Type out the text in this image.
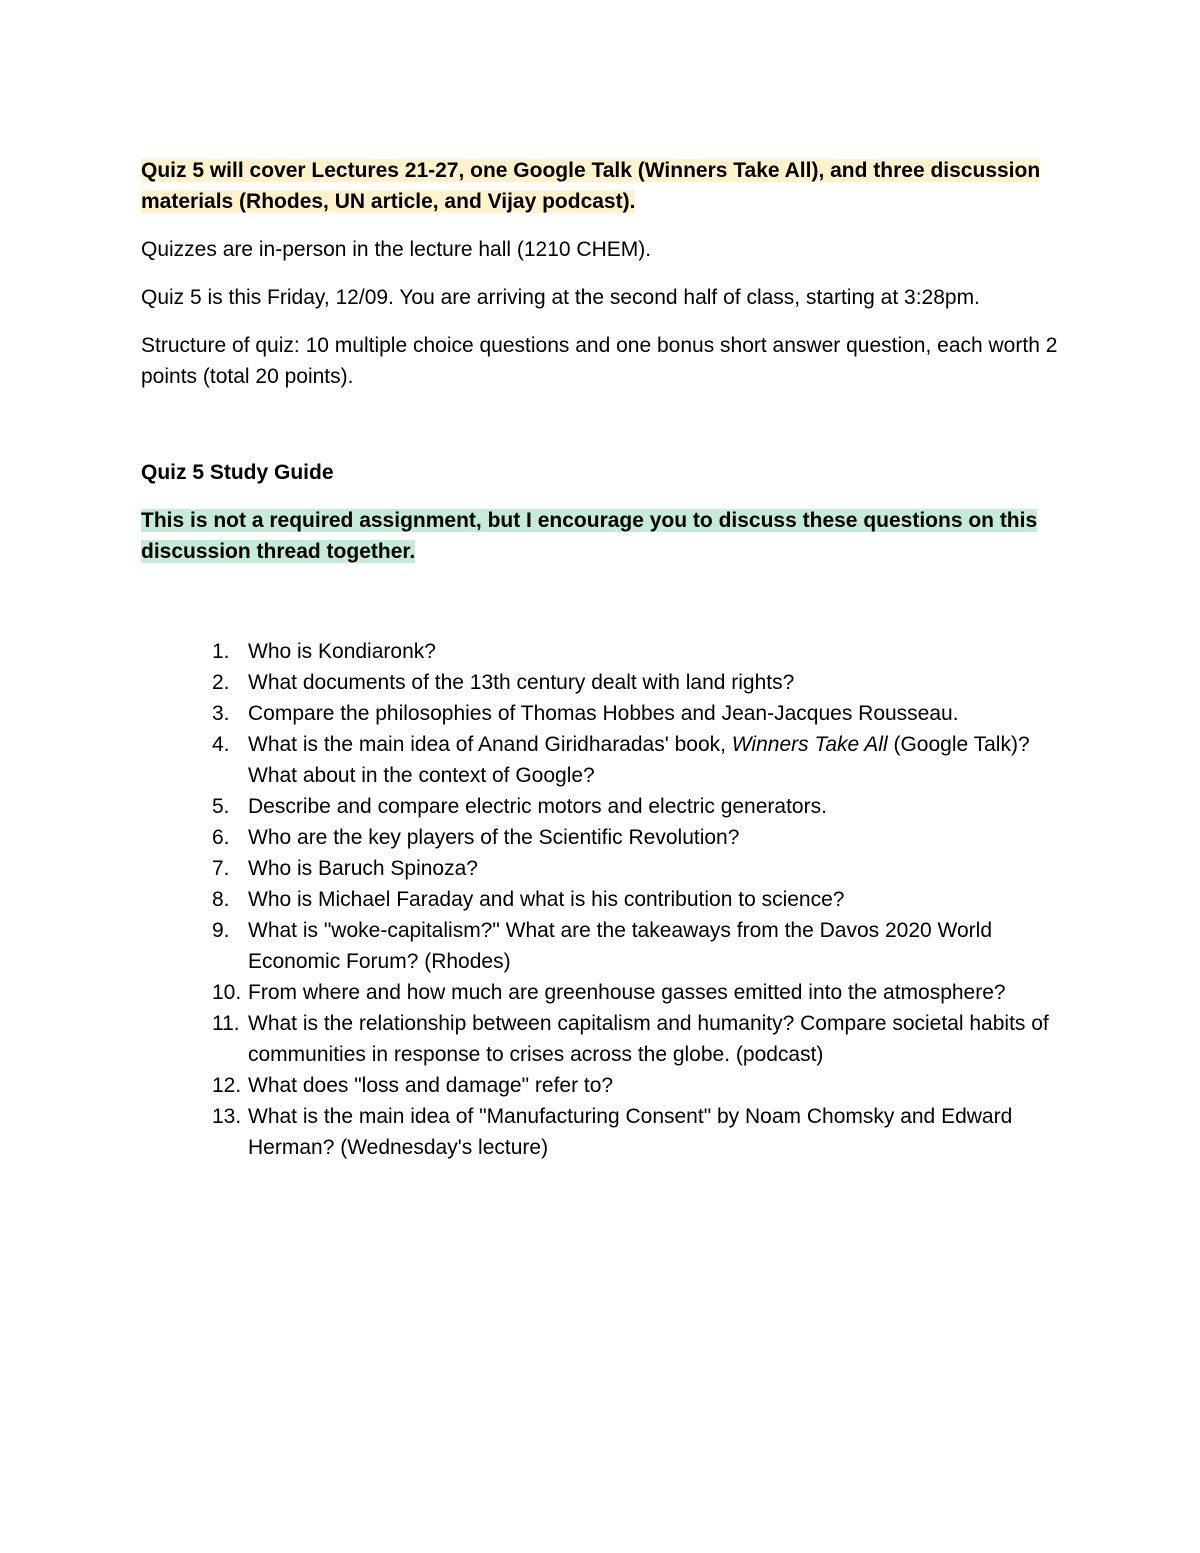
Quiz 5 will cover Lectures 21-27, one Google Talk (Winners Take All), and three discussion materials (Rhodes, UN article, and Vijay podcast).

Quizzes are in-person in the lecture hall (1210 CHEM).

Quiz 5 is this Friday, 12/09. You are arriving at the second half of class, starting at 3:28pm.

Structure of quiz: 10 multiple choice questions and one bonus short answer question, each worth 2 points (total 20 points).

Quiz 5 Study Guide

This is not a required assignment, but I encourage you to discuss these questions on this discussion thread together.

1. Who is Kondiaronk?
2. What documents of the 13th century dealt with land rights?
3. Compare the philosophies of Thomas Hobbes and Jean-Jacques Rousseau.
4. What is the main idea of Anand Giridharadas' book, Winners Take All (Google Talk)? What about in the context of Google?
5. Describe and compare electric motors and electric generators.
6. Who are the key players of the Scientific Revolution?
7. Who is Baruch Spinoza?
8. Who is Michael Faraday and what is his contribution to science?
9. What is "woke-capitalism?" What are the takeaways from the Davos 2020 World Economic Forum? (Rhodes)
10. From where and how much are greenhouse gasses emitted into the atmosphere?
11. What is the relationship between capitalism and humanity? Compare societal habits of communities in response to crises across the globe. (podcast)
12. What does "loss and damage" refer to?
13. What is the main idea of "Manufacturing Consent" by Noam Chomsky and Edward Herman? (Wednesday's lecture)
